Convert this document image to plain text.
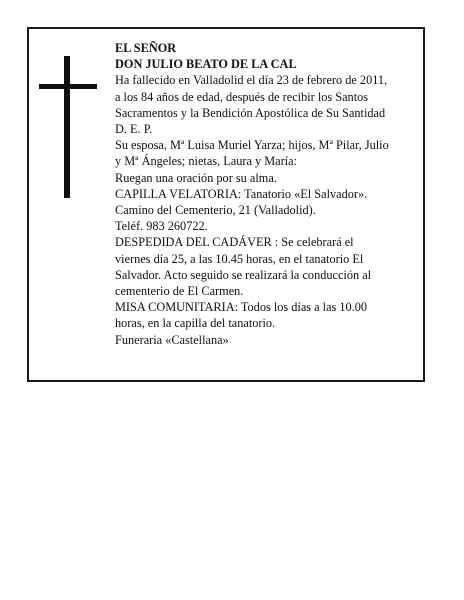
EL SEÑOR
DON JULIO BEATO DE LA CAL
Ha fallecido en Valladolid el día 23 de febrero de 2011,
a los 84 años de edad, después de recibir los Santos
Sacramentos y la Bendición Apostólica de Su Santidad
D. E. P.
Su esposa, Mª Luisa Muriel Yarza; hijos, Mª Pilar, Julio
y Mª Ángeles; nietas, Laura y María:
Ruegan una oración por su alma.
CAPILLA VELATORIA: Tanatorio «El Salvador».
Camino del Cementerio, 21 (Valladolid).
Teléf. 983 260722.
DESPEDIDA DEL CADÁVER : Se celebrará el
viernes día 25, a las 10.45 horas, en el tanatorio El
Salvador. Acto seguido se realizará la conducción al
cementerio de El Carmen.
MISA COMUNITARIA: Todos los días a las 10.00
horas, en la capilla del tanatorio.
Funeraria «Castellana»
